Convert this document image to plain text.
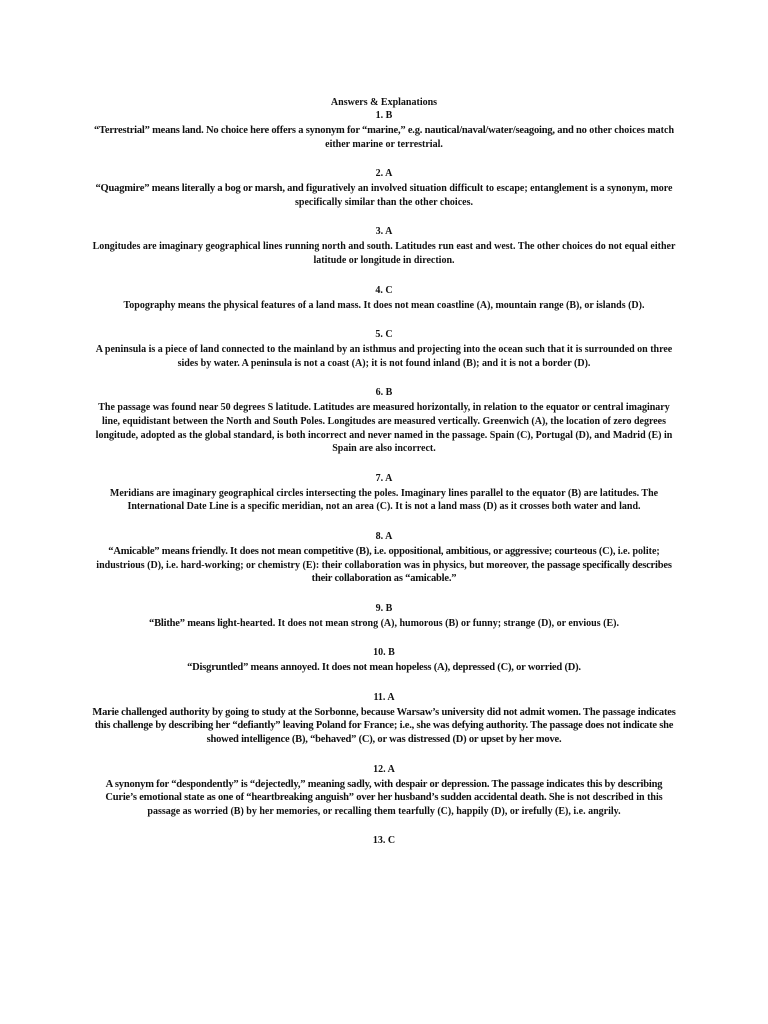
Answers & Explanations
1. B

“Terrestrial” means land. No choice here offers a synonym for “marine,” e.g. nautical/naval/water/seagoing, and no other choices match either marine or terrestrial.

2. A

“Quagmire” means literally a bog or marsh, and figuratively an involved situation difficult to escape; entanglement is a synonym, more specifically similar than the other choices.

3. A

Longitudes are imaginary geographical lines running north and south. Latitudes run east and west. The other choices do not equal either latitude or longitude in direction.

4. C

Topography means the physical features of a land mass. It does not mean coastline (A), mountain range (B), or islands (D).

5. C

A peninsula is a piece of land connected to the mainland by an isthmus and projecting into the ocean such that it is surrounded on three sides by water. A peninsula is not a coast (A); it is not found inland (B); and it is not a border (D).

6. B

The passage was found near 50 degrees S latitude. Latitudes are measured horizontally, in relation to the equator or central imaginary line, equidistant between the North and South Poles. Longitudes are measured vertically. Greenwich (A), the location of zero degrees longitude, adopted as the global standard, is both incorrect and never named in the passage. Spain (C), Portugal (D), and Madrid (E) in Spain are also incorrect.

7. A

Meridians are imaginary geographical circles intersecting the poles. Imaginary lines parallel to the equator (B) are latitudes. The International Date Line is a specific meridian, not an area (C). It is not a land mass (D) as it crosses both water and land.

8. A

“Amicable” means friendly. It does not mean competitive (B), i.e. oppositional, ambitious, or aggressive; courteous (C), i.e. polite; industrious (D), i.e. hard-working; or chemistry (E): their collaboration was in physics, but moreover, the passage specifically describes their collaboration as “amicable.”

9. B

“Blithe” means light-hearted. It does not mean strong (A), humorous (B) or funny; strange (D), or envious (E).

10. B

“Disgruntled” means annoyed. It does not mean hopeless (A), depressed (C), or worried (D).

11. A

Marie challenged authority by going to study at the Sorbonne, because Warsaw’s university did not admit women. The passage indicates this challenge by describing her “defiantly” leaving Poland for France; i.e., she was defying authority. The passage does not indicate she showed intelligence (B), “behaved” (C), or was distressed (D) or upset by her move.

12. A

A synonym for “despondently” is “dejectedly,” meaning sadly, with despair or depression. The passage indicates this by describing Curie’s emotional state as one of “heartbreaking anguish” over her husband’s sudden accidental death. She is not described in this passage as worried (B) by her memories, or recalling them tearfully (C), happily (D), or irefully (E), i.e. angrily.

13. C
